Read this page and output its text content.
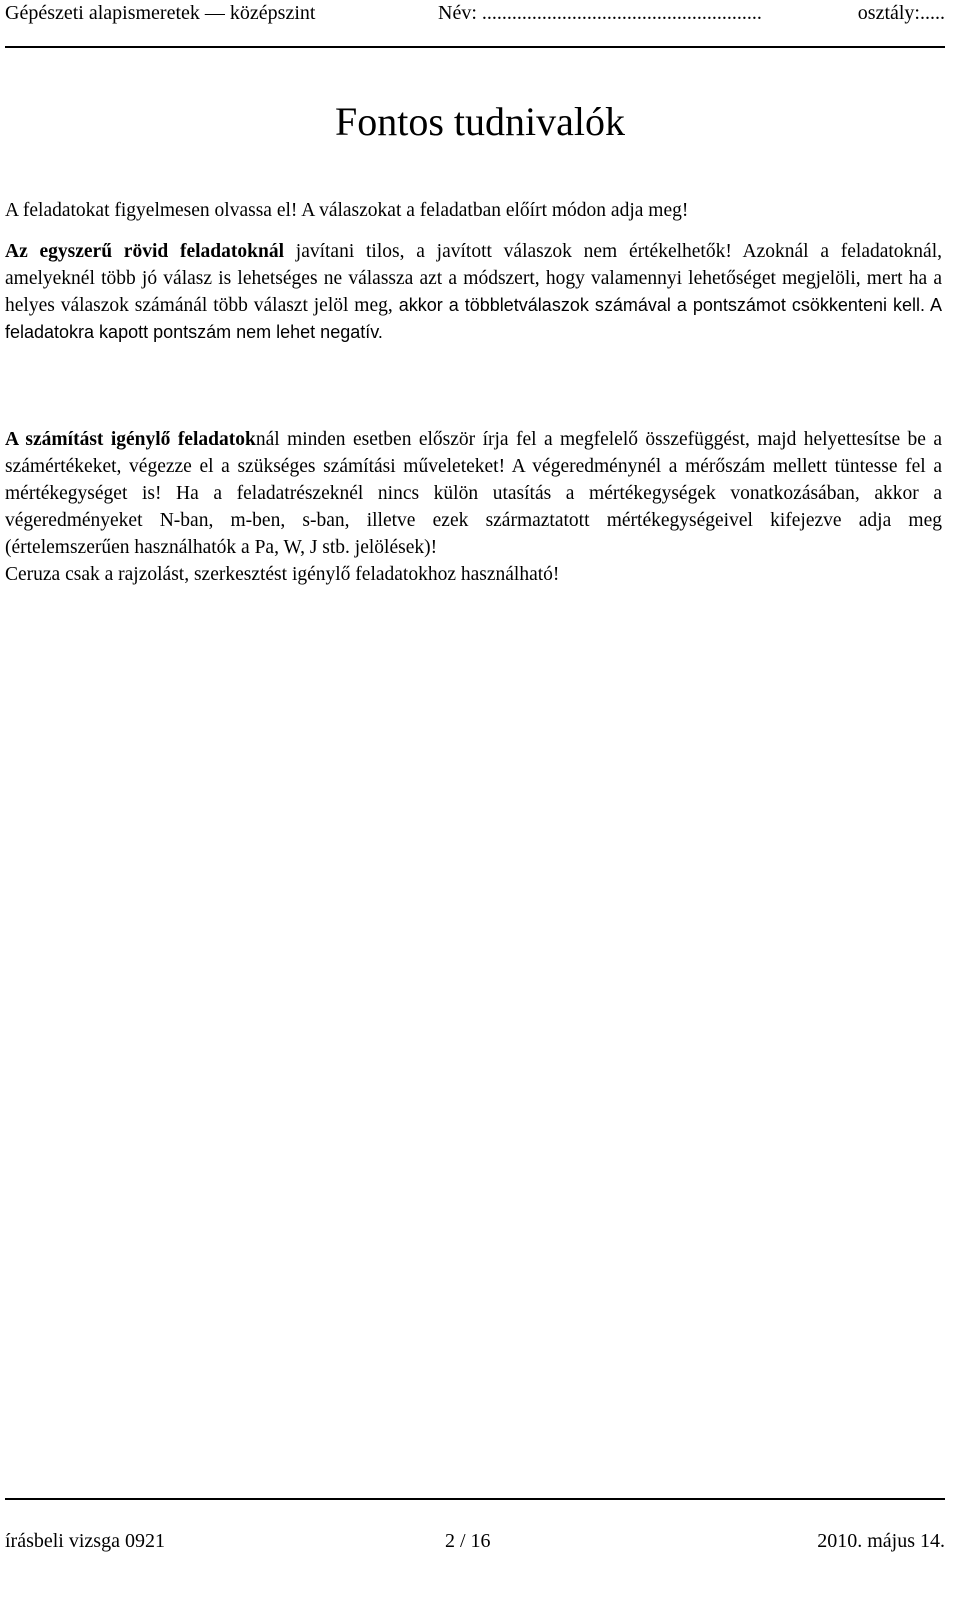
Gépészeti alapismeretek — középszint	Név: ........................................................	osztály:.....
Fontos tudnivalók

A feladatokat figyelmesen olvassa el! A válaszokat a feladatban előírt módon adja meg!

Az egyszerű rövid feladatoknál javítani tilos, a javított válaszok nem értékelhetők! Azoknál a feladatoknál, amelyeknél több jó válasz is lehetséges ne válassza azt a módszert, hogy valamennyi lehetőséget megjelöli, mert ha a helyes válaszok számánál több választ jelöl meg, akkor a többletválaszok számával a pontszámot csökkenteni kell. A feladatokra kapott pontszám nem lehet negatív.

A számítást igénylő feladatoknál minden esetben először írja fel a megfelelő összefüggést, majd helyettesítse be a számértékeket, végezze el a szükséges számítási műveleteket! A végeredménynél a mérőszám mellett tüntesse fel a mértékegységet is! Ha a feladatrészeknél nincs külön utasítás a mértékegységek vonatkozásában, akkor a végeredményeket N-ban, m-ben, s-ban, illetve ezek származtatott mértékegységeivel kifejezve adja meg (értelemszerűen használhatók a Pa, W, J stb. jelölések)!
Ceruza csak a rajzolást, szerkesztést igénylő feladatokhoz használható!

írásbeli vizsga 0921	2 / 16	2010. május 14.
